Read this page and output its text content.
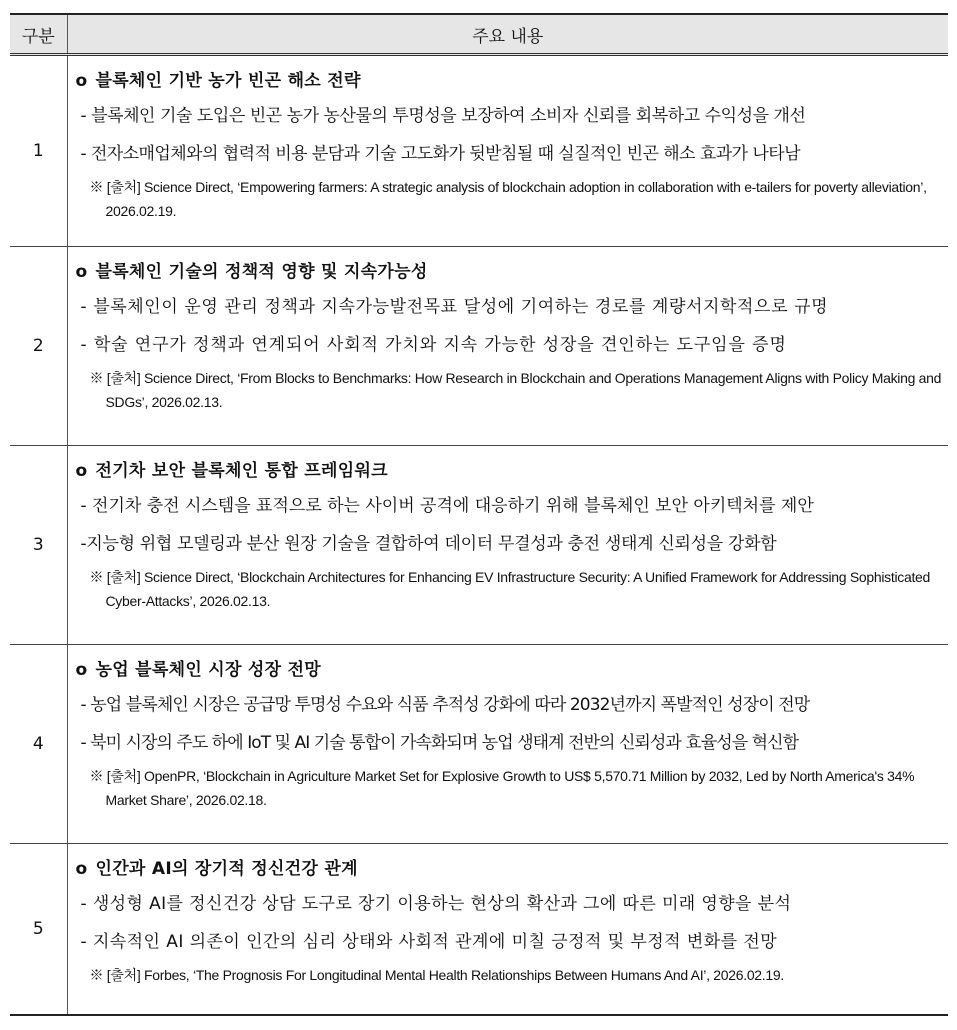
구분	주요 내용
1	o 블록체인 기반 농가 빈곤 해소 전략
- 블록체인 기술 도입은 빈곤 농가 농산물의 투명성을 보장하여 소비자 신뢰를 회복하고 수익성을 개선
- 전자소매업체와의 협력적 비용 분담과 기술 고도화가 뒷받침될 때 실질적인 빈곤 해소 효과가 나타남
※ [출처] Science Direct, ‘Empowering farmers: A strategic analysis of blockchain adoption in collaboration with e-tailers for poverty alleviation’, 2026.02.19.

2	o 블록체인 기술의 정책적 영향 및 지속가능성
- 블록체인이 운영 관리 정책과 지속가능발전목표 달성에 기여하는 경로를 계량서지학적으로 규명
- 학술 연구가 정책과 연계되어 사회적 가치와 지속 가능한 성장을 견인하는 도구임을 증명
※ [출처] Science Direct, ‘From Blocks to Benchmarks: How Research in Blockchain and Operations Management Aligns with Policy Making and SDGs’, 2026.02.13.

3	o 전기차 보안 블록체인 통합 프레임워크
- 전기차 충전 시스템을 표적으로 하는 사이버 공격에 대응하기 위해 블록체인 보안 아키텍처를 제안
-지능형 위협 모델링과 분산 원장 기술을 결합하여 데이터 무결성과 충전 생태계 신뢰성을 강화함
※ [출처] Science Direct, ‘Blockchain Architectures for Enhancing EV Infrastructure Security: A Unified Framework for Addressing Sophisticated Cyber-Attacks’, 2026.02.13.

4	o 농업 블록체인 시장 성장 전망
- 농업 블록체인 시장은 공급망 투명성 수요와 식품 추적성 강화에 따라 2032년까지 폭발적인 성장이 전망
- 북미 시장의 주도 하에 IoT 및 AI 기술 통합이 가속화되며 농업 생태계 전반의 신뢰성과 효율성을 혁신함
※ [출처] OpenPR, ‘Blockchain in Agriculture Market Set for Explosive Growth to US$ 5,570.71 Million by 2032, Led by North America's 34% Market Share’, 2026.02.18.

5	o 인간과 AI의 장기적 정신건강 관계
- 생성형 AI를 정신건강 상담 도구로 장기 이용하는 현상의 확산과 그에 따른 미래 영향을 분석
- 지속적인 AI 의존이 인간의 심리 상태와 사회적 관계에 미칠 긍정적 및 부정적 변화를 전망
※ [출처] Forbes, ‘The Prognosis For Longitudinal Mental Health Relationships Between Humans And AI’, 2026.02.19.
